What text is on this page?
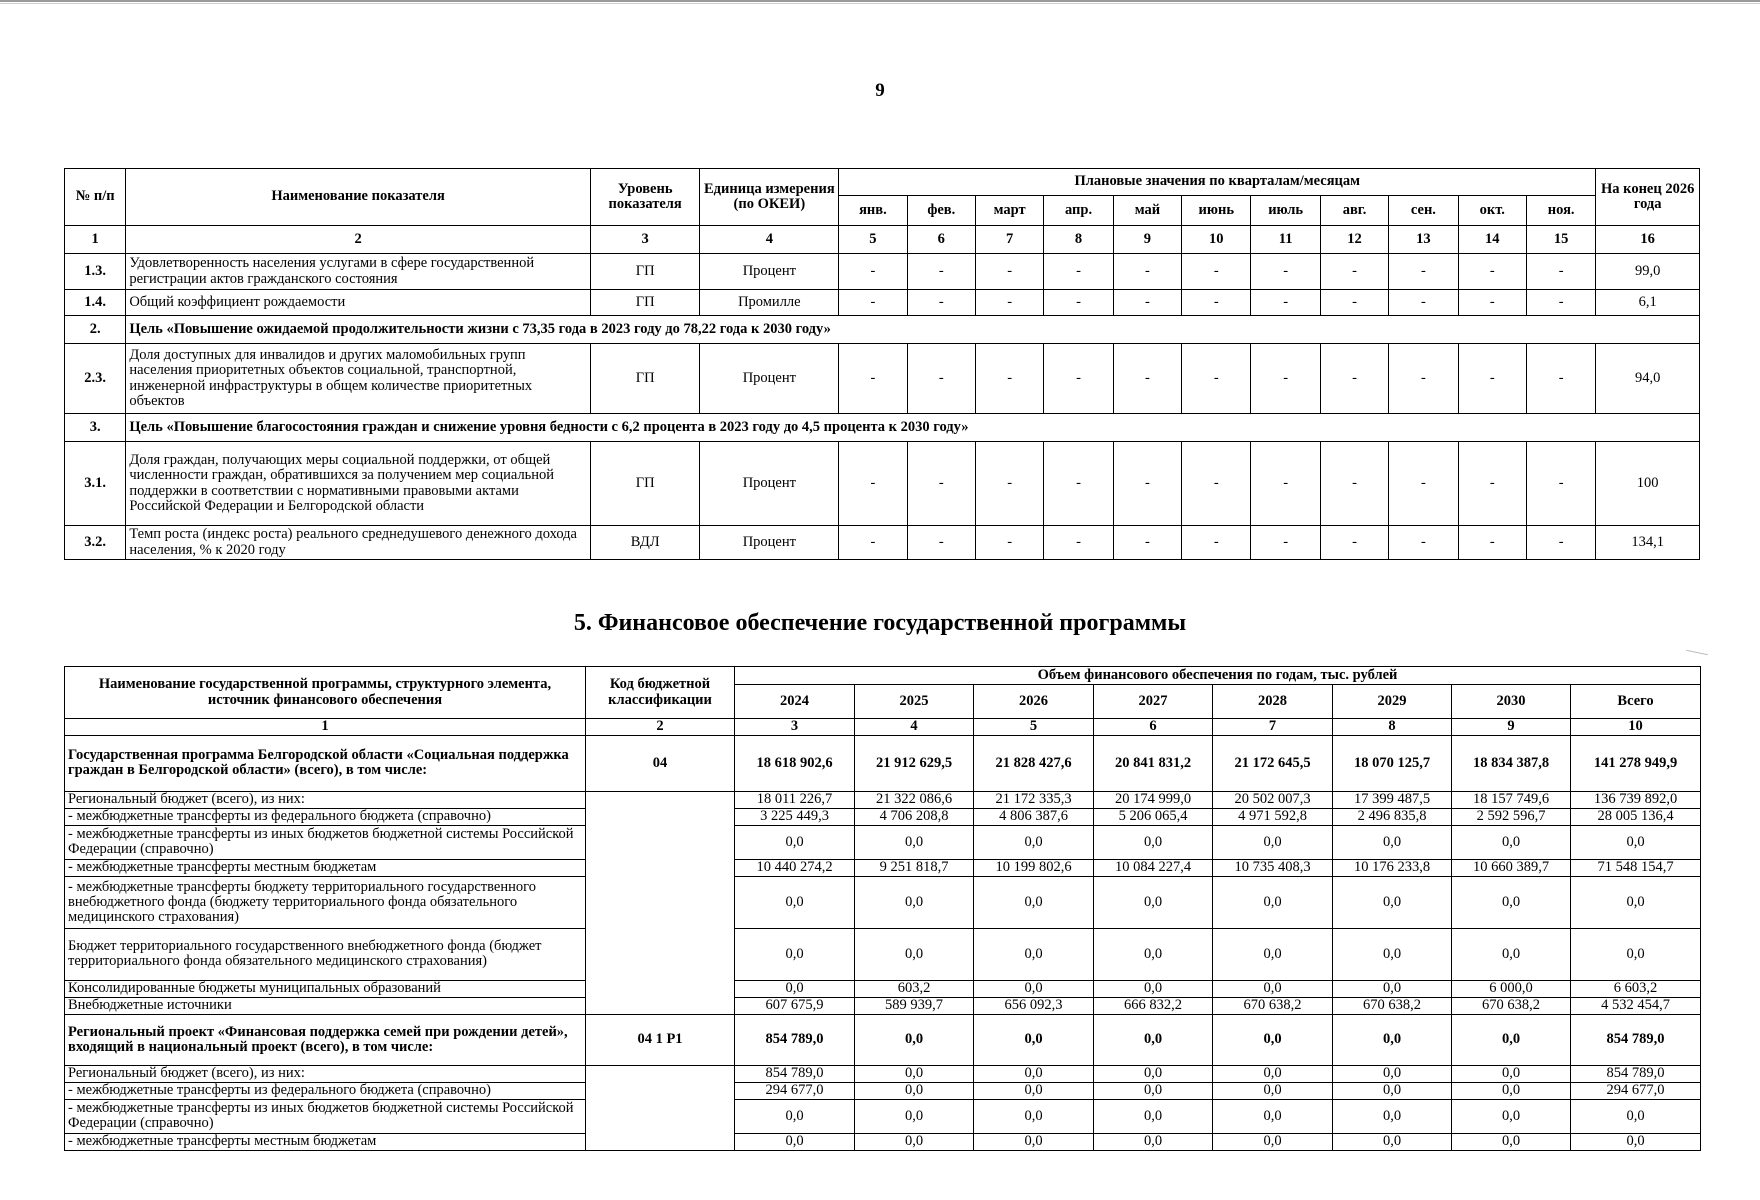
9
№ п/п	Наименование показателя	Уровень показателя	Единица измерения (по ОКЕИ)	Плановые значения по кварталам/месяцам											На конец 2026 года
				янв.	фев.	март	апр.	май	июнь	июль	авг.	сен.	окт.	ноя.	
1	2	3	4	5	6	7	8	9	10	11	12	13	14	15	16
1.3.	Удовлетворенность населения услугами в сфере государственной регистрации актов гражданского состояния	ГП	Процент	-	-	-	-	-	-	-	-	-	-	-	99,0
1.4.	Общий коэффициент рождаемости	ГП	Промилле	-	-	-	-	-	-	-	-	-	-	-	6,1
2.	Цель «Повышение ожидаемой продолжительности жизни с 73,35 года в 2023 году до 78,22 года к 2030 году»														
2.3.	Доля доступных для инвалидов и других маломобильных групп населения приоритетных объектов социальной, транспортной, инженерной инфраструктуры в общем количестве приоритетных объектов	ГП	Процент	-	-	-	-	-	-	-	-	-	-	-	94,0
3.	Цель «Повышение благосостояния граждан и снижение уровня бедности с 6,2 процента в 2023 году до 4,5 процента к 2030 году»														
3.1.	Доля граждан, получающих меры социальной поддержки, от общей численности граждан, обратившихся за получением мер социальной поддержки в соответствии с нормативными правовыми актами Российской Федерации и Белгородской области	ГП	Процент	-	-	-	-	-	-	-	-	-	-	-	100
3.2.	Темп роста (индекс роста) реального среднедушевого денежного дохода населения, % к 2020 году	ВДЛ	Процент	-	-	-	-	-	-	-	-	-	-	-	134,1
5. Финансовое обеспечение государственной программы
Наименование государственной программы, структурного элемента, источник финансового обеспечения	Код бюджетной классификации	Объем финансового обеспечения по годам, тыс. рублей							
		2024	2025	2026	2027	2028	2029	2030	Всего
1	2	3	4	5	6	7	8	9	10
Государственная программа Белгородской области «Социальная поддержка граждан в Белгородской области» (всего), в том числе:	04	18 618 902,6	21 912 629,5	21 828 427,6	20 841 831,2	21 172 645,5	18 070 125,7	18 834 387,8	141 278 949,9
Региональный бюджет (всего), из них:		18 011 226,7	21 322 086,6	21 172 335,3	20 174 999,0	20 502 007,3	17 399 487,5	18 157 749,6	136 739 892,0
- межбюджетные трансферты из федерального бюджета (справочно)		3 225 449,3	4 706 208,8	4 806 387,6	5 206 065,4	4 971 592,8	2 496 835,8	2 592 596,7	28 005 136,4
- межбюджетные трансферты из иных бюджетов бюджетной системы Российской Федерации (справочно)		0,0	0,0	0,0	0,0	0,0	0,0	0,0	0,0
- межбюджетные трансферты местным бюджетам		10 440 274,2	9 251 818,7	10 199 802,6	10 084 227,4	10 735 408,3	10 176 233,8	10 660 389,7	71 548 154,7
- межбюджетные трансферты бюджету территориального государственного внебюджетного фонда (бюджету территориального фонда обязательного медицинского страхования)		0,0	0,0	0,0	0,0	0,0	0,0	0,0	0,0
Бюджет территориального государственного внебюджетного фонда (бюджет территориального фонда обязательного медицинского страхования)		0,0	0,0	0,0	0,0	0,0	0,0	0,0	0,0
Консолидированные бюджеты муниципальных образований		0,0	603,2	0,0	0,0	0,0	0,0	6 000,0	6 603,2
Внебюджетные источники		607 675,9	589 939,7	656 092,3	666 832,2	670 638,2	670 638,2	670 638,2	4 532 454,7
Региональный проект «Финансовая поддержка семей при рождении детей», входящий в национальный проект (всего), в том числе:	04 1 Р1	854 789,0	0,0	0,0	0,0	0,0	0,0	0,0	854 789,0
Региональный бюджет (всего), из них:		854 789,0	0,0	0,0	0,0	0,0	0,0	0,0	854 789,0
- межбюджетные трансферты из федерального бюджета (справочно)		294 677,0	0,0	0,0	0,0	0,0	0,0	0,0	294 677,0
- межбюджетные трансферты из иных бюджетов бюджетной системы Российской Федерации (справочно)		0,0	0,0	0,0	0,0	0,0	0,0	0,0	0,0
- межбюджетные трансферты местным бюджетам		0,0	0,0	0,0	0,0	0,0	0,0	0,0	0,0
